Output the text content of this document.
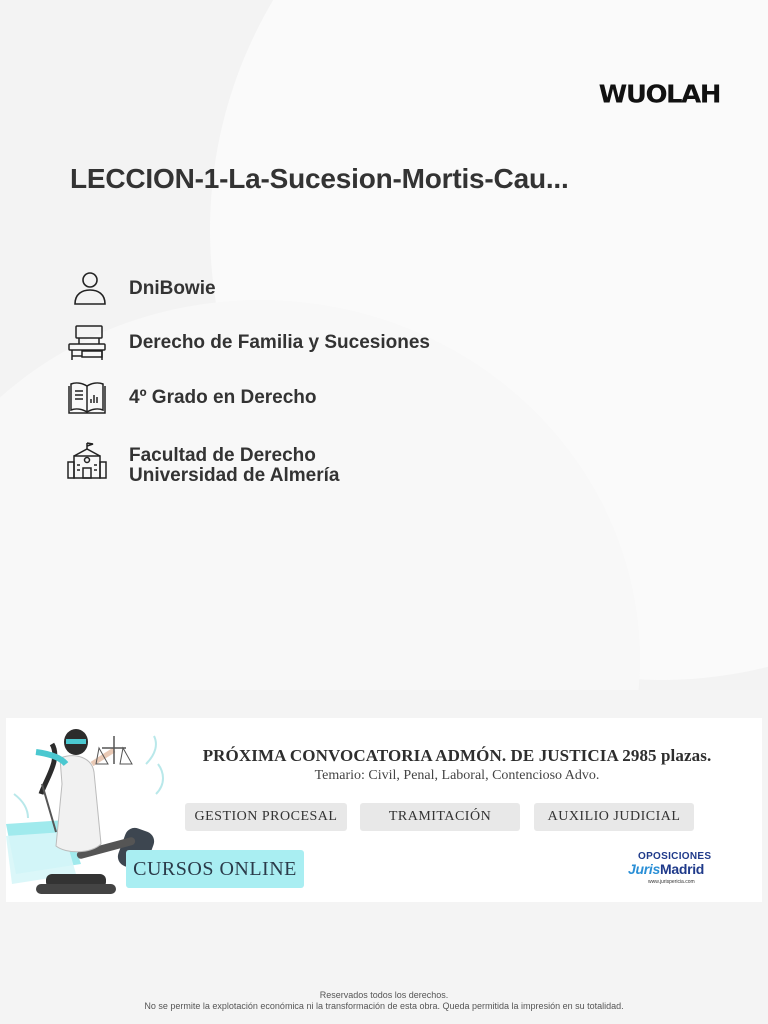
WUOLAH
LECCION-1-La-Sucesion-Mortis-Cau...
DniBowie
Derecho de Familia y Sucesiones
4º Grado en Derecho
Facultad de Derecho
Universidad de Almería
PRÓXIMA CONVOCATORIA ADMÓN. DE JUSTICIA 2985 plazas.
Temario: Civil, Penal, Laboral, Contencioso Advo.
GESTION PROCESAL	TRAMITACIÓN	AUXILIO JUDICIAL
CURSOS ONLINE
OPOSICIONES
JurisMadrid
www.jurispericia.com
Reservados todos los derechos.
No se permite la explotación económica ni la transformación de esta obra. Queda permitida la impresión en su totalidad.
